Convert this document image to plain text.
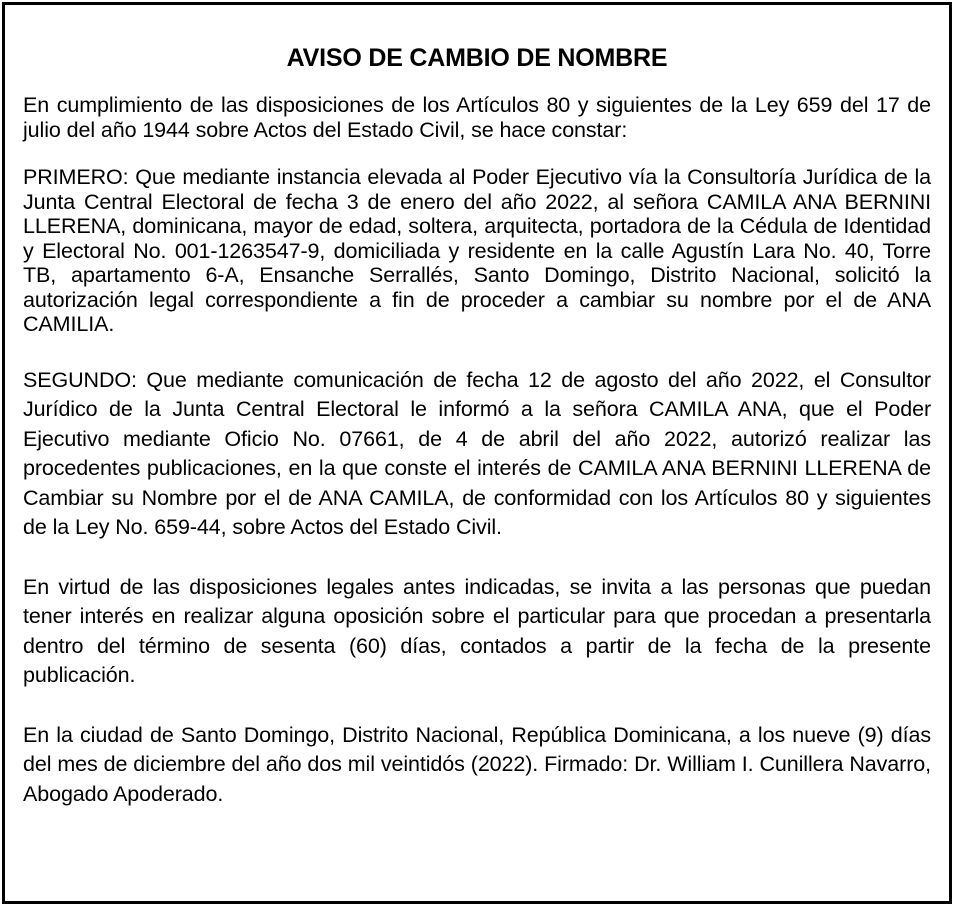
AVISO DE CAMBIO DE NOMBRE

En cumplimiento de las disposiciones de los Artículos 80 y siguientes de la Ley 659 del 17 de julio del año 1944 sobre Actos del Estado Civil, se hace constar:

PRIMERO: Que mediante instancia elevada al Poder Ejecutivo vía la Consultoría Jurídica de la Junta Central Electoral de fecha 3 de enero del año 2022, al señora CAMILA ANA BERNINI LLERENA, dominicana, mayor de edad, soltera, arquitecta, portadora de la Cédula de Identidad y Electoral No. 001-1263547-9, domiciliada y residente en la calle Agustín Lara No. 40, Torre TB, apartamento 6-A, Ensanche Serrallés, Santo Domingo, Distrito Nacional, solicitó la autorización legal correspondiente a fin de proceder a cambiar su nombre por el de ANA CAMILIA.

SEGUNDO: Que mediante comunicación de fecha 12 de agosto del año 2022, el Consultor Jurídico de la Junta Central Electoral le informó a la señora CAMILA ANA, que el Poder Ejecutivo mediante Oficio No. 07661, de 4 de abril del año 2022, autorizó realizar las procedentes publicaciones, en la que conste el interés de CAMILA ANA BERNINI LLERENA de Cambiar su Nombre por el de ANA CAMILA, de conformidad con los Artículos 80 y siguientes de la Ley No. 659-44, sobre Actos del Estado Civil.

En virtud de las disposiciones legales antes indicadas, se invita a las personas que puedan tener interés en realizar alguna oposición sobre el particular para que procedan a presentarla dentro del término de sesenta (60) días, contados a partir de la fecha de la presente publicación.

En la ciudad de Santo Domingo, Distrito Nacional, República Dominicana, a los nueve (9) días del mes de diciembre del año dos mil veintidós (2022). Firmado: Dr. William I. Cunillera Navarro, Abogado Apoderado.
